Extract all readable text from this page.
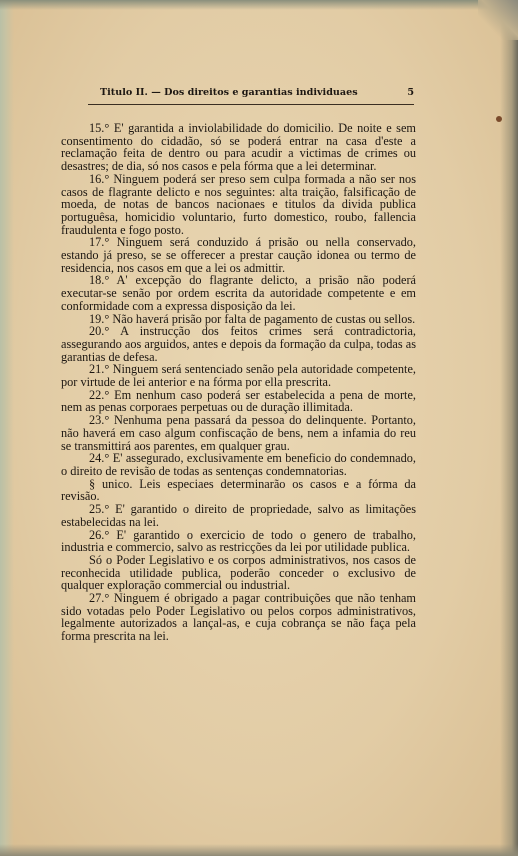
Titulo II. — Dos direitos e garantias individuaes	5

15.° E' garantida a inviolabilidade do domicilio. De noite e sem consentimento do cidadão, só se poderá entrar na casa d'este a reclamação feita de dentro ou para acudir a victimas de crimes ou desastres; de dia, só nos casos e pela fórma que a lei determinar.

16.° Ninguem poderá ser preso sem culpa formada a não ser nos casos de flagrante delicto e nos seguintes: alta traição, falsificação de moeda, de notas de bancos nacionaes e titulos da divida publica portuguêsa, homicidio voluntario, furto domestico, roubo, fallencia fraudulenta e fogo posto.

17.° Ninguem será conduzido á prisão ou nella conservado, estando já preso, se se offerecer a prestar caução idonea ou termo de residencia, nos casos em que a lei os admittir.

18.° A' excepção do flagrante delicto, a prisão não poderá executar-se senão por ordem escrita da autoridade competente e em conformidade com a expressa disposição da lei.

19.° Não haverá prisão por falta de pagamento de custas ou sellos.

20.° A instrucção dos feitos crimes será contradictoria, assegurando aos arguidos, antes e depois da formação da culpa, todas as garantias de defesa.

21.° Ninguem será sentenciado senão pela autoridade competente, por virtude de lei anterior e na fórma por ella prescrita.

22.° Em nenhum caso poderá ser estabelecida a pena de morte, nem as penas corporaes perpetuas ou de duração illimitada.

23.° Nenhuma pena passará da pessoa do delinquente. Portanto, não haverá em caso algum confiscação de bens, nem a infamia do reu se transmittirá aos parentes, em qualquer grau.

24.° E' assegurado, exclusivamente em beneficio do condemnado, o direito de revisão de todas as sentenças condemnatorias.

§ unico. Leis especiaes determinarão os casos e a fórma da revisão.

25.° E' garantido o direito de propriedade, salvo as limitações estabelecidas na lei.

26.° E' garantido o exercicio de todo o genero de trabalho, industria e commercio, salvo as restricções da lei por utilidade publica.

Só o Poder Legislativo e os corpos administrativos, nos casos de reconhecida utilidade publica, poderão conceder o exclusivo de qualquer exploração commercial ou industrial.

27.° Ninguem é obrigado a pagar contribuições que não tenham sido votadas pelo Poder Legislativo ou pelos corpos administrativos, legalmente autorizados a lançal-as, e cuja cobrança se não faça pela forma prescrita na lei.
